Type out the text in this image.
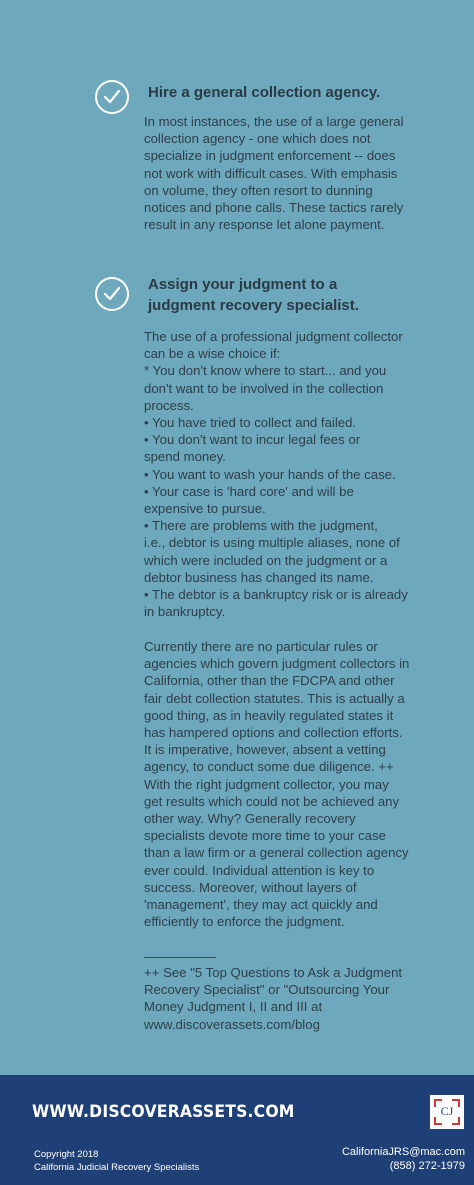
Hire a general collection agency.
In most instances, the use of a large general
collection agency - one which does not
specialize in judgment enforcement -- does
not work with difficult cases. With emphasis
on volume, they often resort to dunning
notices and phone calls. These tactics rarely
result in any response let alone payment.
Assign your judgment to a
judgment recovery specialist.
The use of a professional judgment collector
can be a wise choice if:
* You don't know where to start... and you
don't want to be involved in the collection
process.
• You have tried to collect and failed.
• You don't want to incur legal fees or
spend money.
• You want to wash your hands of the case.
• Your case is 'hard core' and will be
expensive to pursue.
• There are problems with the judgment,
i.e., debtor is using multiple aliases, none of
which were included on the judgment or a
debtor business has changed its name.
• The debtor is a bankruptcy risk or is already
in bankruptcy.
Currently there are no particular rules or
agencies which govern judgment collectors in
California, other than the FDCPA and other
fair debt collection statutes. This is actually a
good thing, as in heavily regulated states it
has hampered options and collection efforts.
It is imperative, however, absent a vetting
agency, to conduct some due diligence. ++
With the right judgment collector, you may
get results which could not be achieved any
other way. Why? Generally recovery
specialists devote more time to your case
than a law firm or a general collection agency
ever could. Individual attention is key to
success. Moreover, without layers of
'management', they may act quickly and
efficiently to enforce the judgment.
++ See "5 Top Questions to Ask a Judgment
Recovery Specialist" or "Outsourcing Your
Money Judgment I, II and III at
www.discoverassets.com/blog
WWW.DISCOVERASSETS.COM	CJ
Copyright 2018
California Judicial Recovery Specialists
CaliforniaJRS@mac.com
(858) 272-1979
